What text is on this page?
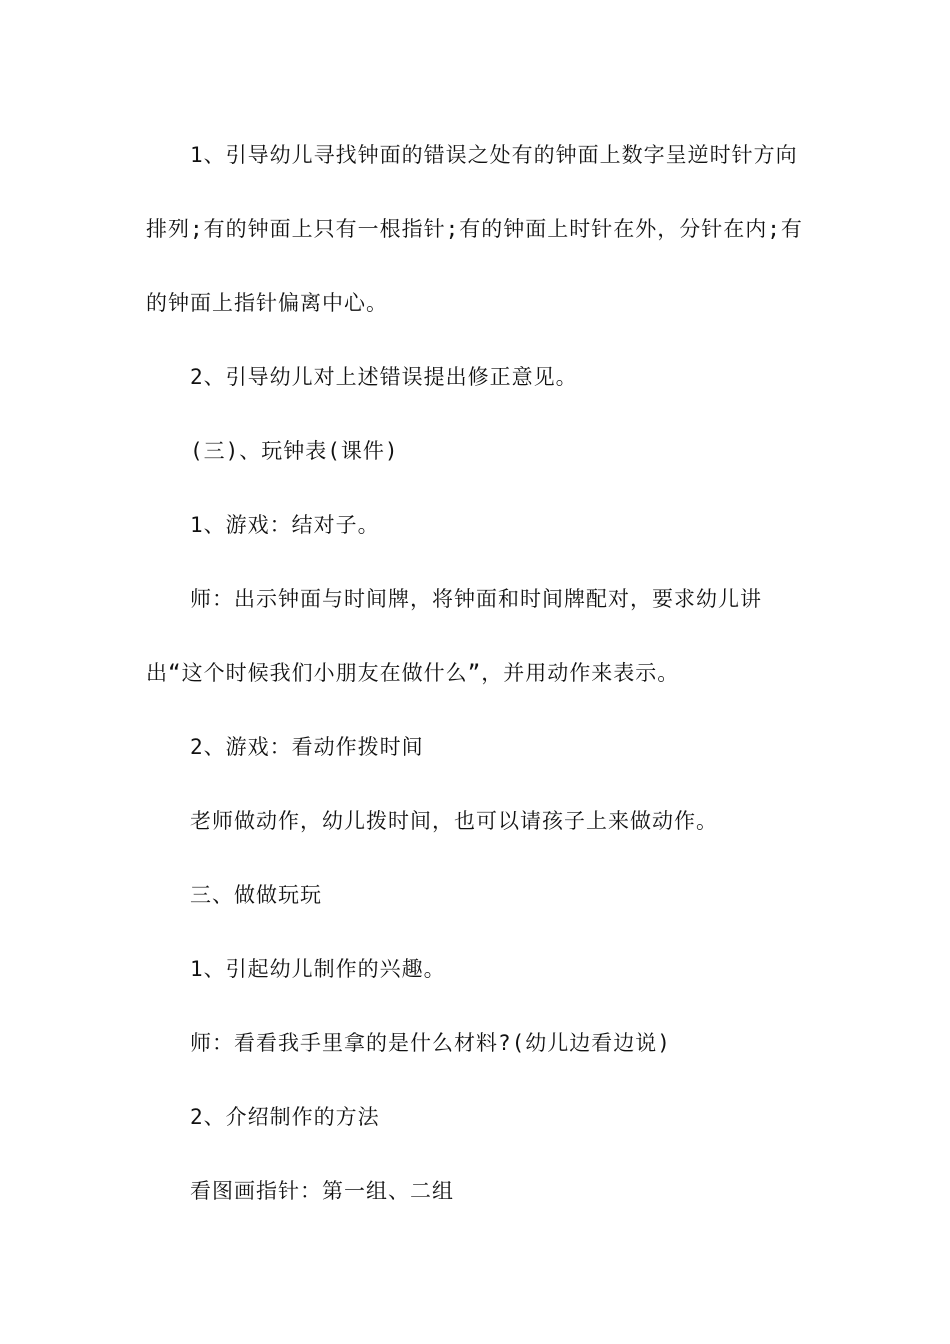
1、引导幼儿寻找钟面的错误之处有的钟面上数字呈逆时针方向排列;有的钟面上只有一根指针;有的钟面上时针在外，分针在内;有的钟面上指针偏离中心。

2、引导幼儿对上述错误提出修正意见。

(三)、玩钟表(课件)

1、游戏：结对子。

师：出示钟面与时间牌，将钟面和时间牌配对，要求幼儿讲出“这个时候我们小朋友在做什么”，并用动作来表示。

2、游戏：看动作拨时间

老师做动作，幼儿拨时间，也可以请孩子上来做动作。

三、做做玩玩

1、引起幼儿制作的兴趣。

师：看看我手里拿的是什么材料?(幼儿边看边说)

2、介绍制作的方法

看图画指针：第一组、二组
